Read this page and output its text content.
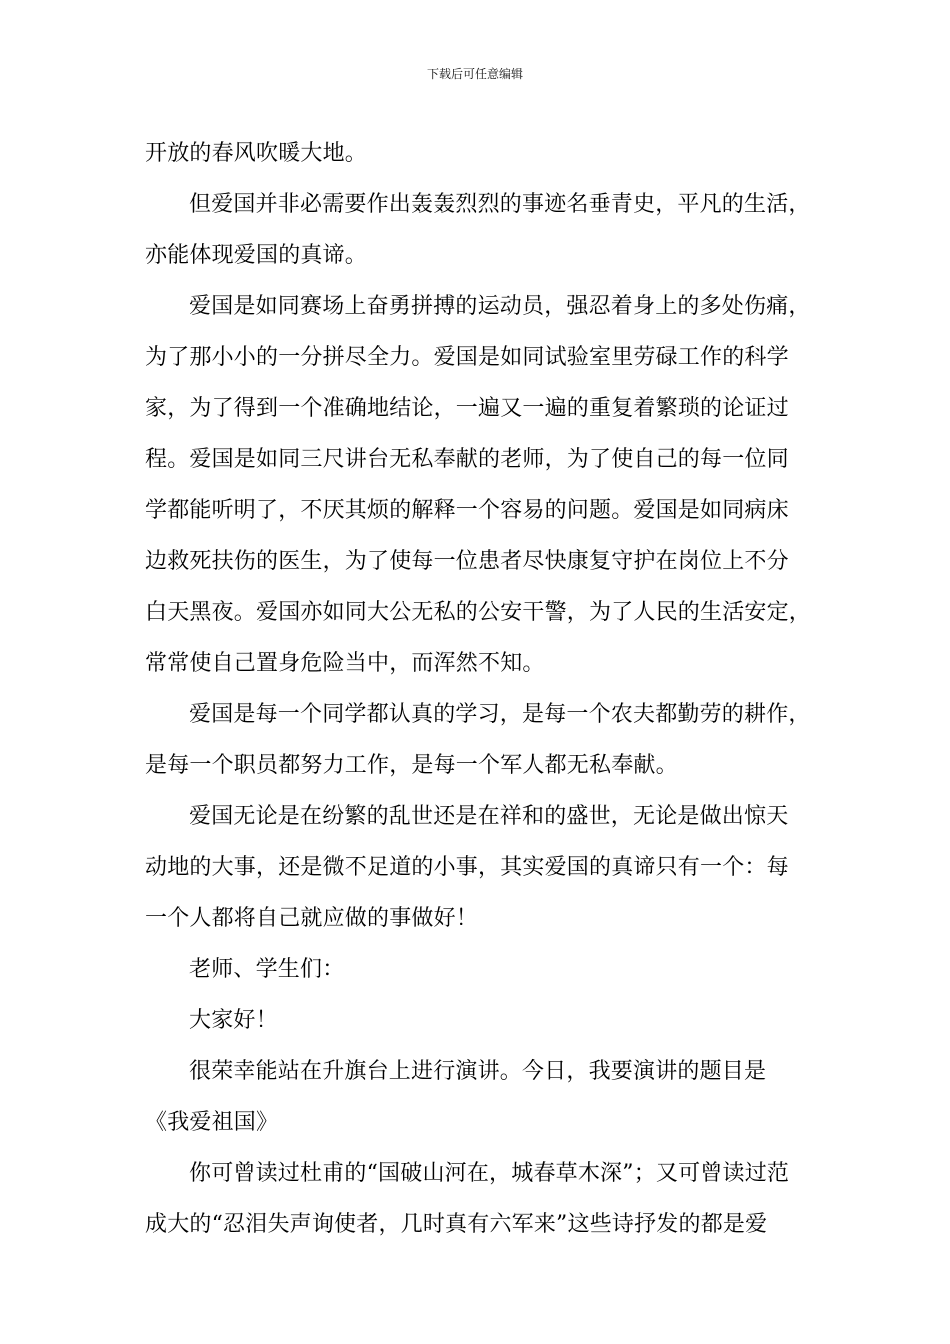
下载后可任意编辑
开放的春风吹暖大地。
但爱国并非必需要作出轰轰烈烈的事迹名垂青史，平凡的生活，
亦能体现爱国的真谛。
爱国是如同赛场上奋勇拼搏的运动员，强忍着身上的多处伤痛，
为了那小小的一分拼尽全力。爱国是如同试验室里劳碌工作的科学
家，为了得到一个准确地结论，一遍又一遍的重复着繁琐的论证过
程。爱国是如同三尺讲台无私奉献的老师，为了使自己的每一位同
学都能听明了，不厌其烦的解释一个容易的问题。爱国是如同病床
边救死扶伤的医生，为了使每一位患者尽快康复守护在岗位上不分
白天黑夜。爱国亦如同大公无私的公安干警，为了人民的生活安定，
常常使自己置身危险当中，而浑然不知。
爱国是每一个同学都认真的学习，是每一个农夫都勤劳的耕作，
是每一个职员都努力工作，是每一个军人都无私奉献。
爱国无论是在纷繁的乱世还是在祥和的盛世，无论是做出惊天
动地的大事，还是微不足道的小事，其实爱国的真谛只有一个：每
一个人都将自己就应做的事做好！
老师、学生们：
大家好！
很荣幸能站在升旗台上进行演讲。今日，我要演讲的题目是
《我爱祖国》
你可曾读过杜甫的“国破山河在，城春草木深”；又可曾读过范
成大的“忍泪失声询使者，几时真有六军来”这些诗抒发的都是爱
